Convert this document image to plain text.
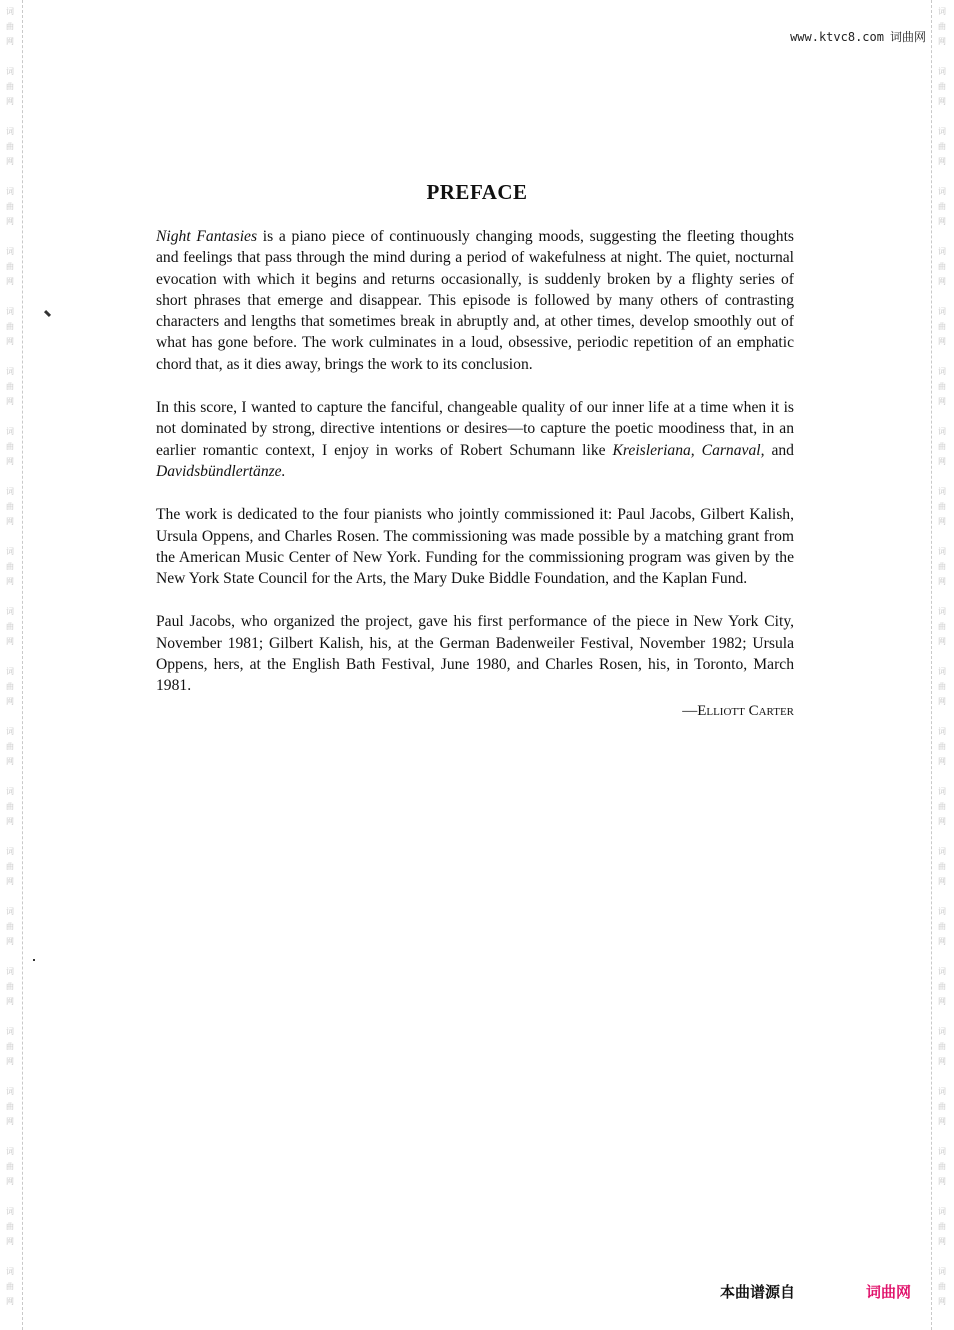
词
曲
网
词
曲
网
词
曲
网
词
曲
网
词
曲
网
词
曲
网
词
曲
网
词
曲
网
词
曲
网
词
曲
网
词
曲
网
词
曲
网
词
曲
网
词
曲
网
词
曲
网
词
曲
网
词
曲
网
词
曲
网
词
曲
网
词
曲
网
词
曲
网
词
曲
网
词
曲
网
词
曲
网
词
曲
网
词
曲
网
词
曲
网
词
曲
网
词
曲
网
词
曲
网
词
曲
网
词
曲
网
词
曲
网
词
曲
网
词
曲
网
词
曲
网
词
曲
网
词
曲
网
词
曲
网
词
曲
网
词
曲
网
词
曲
网
词
曲
网
词
曲
网
www.ktvc8.com 词曲网
PREFACE

Night Fantasies is a piano piece of continuously changing moods, suggesting the fleeting thoughts and feelings that pass through the mind during a period of wakefulness at night. The quiet, nocturnal evocation with which it begins and returns occasionally, is suddenly broken by a flighty series of short phrases that emerge and disappear. This episode is followed by many others of contrasting characters and lengths that sometimes break in abruptly and, at other times, develop smoothly out of what has gone before. The work culminates in a loud, obsessive, periodic repetition of an emphatic chord that, as it dies away, brings the work to its conclusion.

In this score, I wanted to capture the fanciful, changeable quality of our inner life at a time when it is not dominated by strong, directive intentions or desires—to capture the poetic moodiness that, in an earlier romantic context, I enjoy in works of Robert Schumann like Kreisleriana, Carnaval, and Davidsbündlertänze.

The work is dedicated to the four pianists who jointly commissioned it: Paul Jacobs, Gilbert Kalish, Ursula Oppens, and Charles Rosen. The commissioning was made possible by a matching grant from the American Music Center of New York. Funding for the commissioning program was given by the New York State Council for the Arts, the Mary Duke Biddle Foundation, and the Kaplan Fund.

Paul Jacobs, who organized the project, gave his first performance of the piece in New York City, November 1981; Gilbert Kalish, his, at the German Badenweiler Festival, November 1982; Ursula Oppens, hers, at the English Bath Festival, June 1980, and Charles Rosen, his, in Toronto, March 1981.

—Elliott Carter
本曲谱源自	词曲网
